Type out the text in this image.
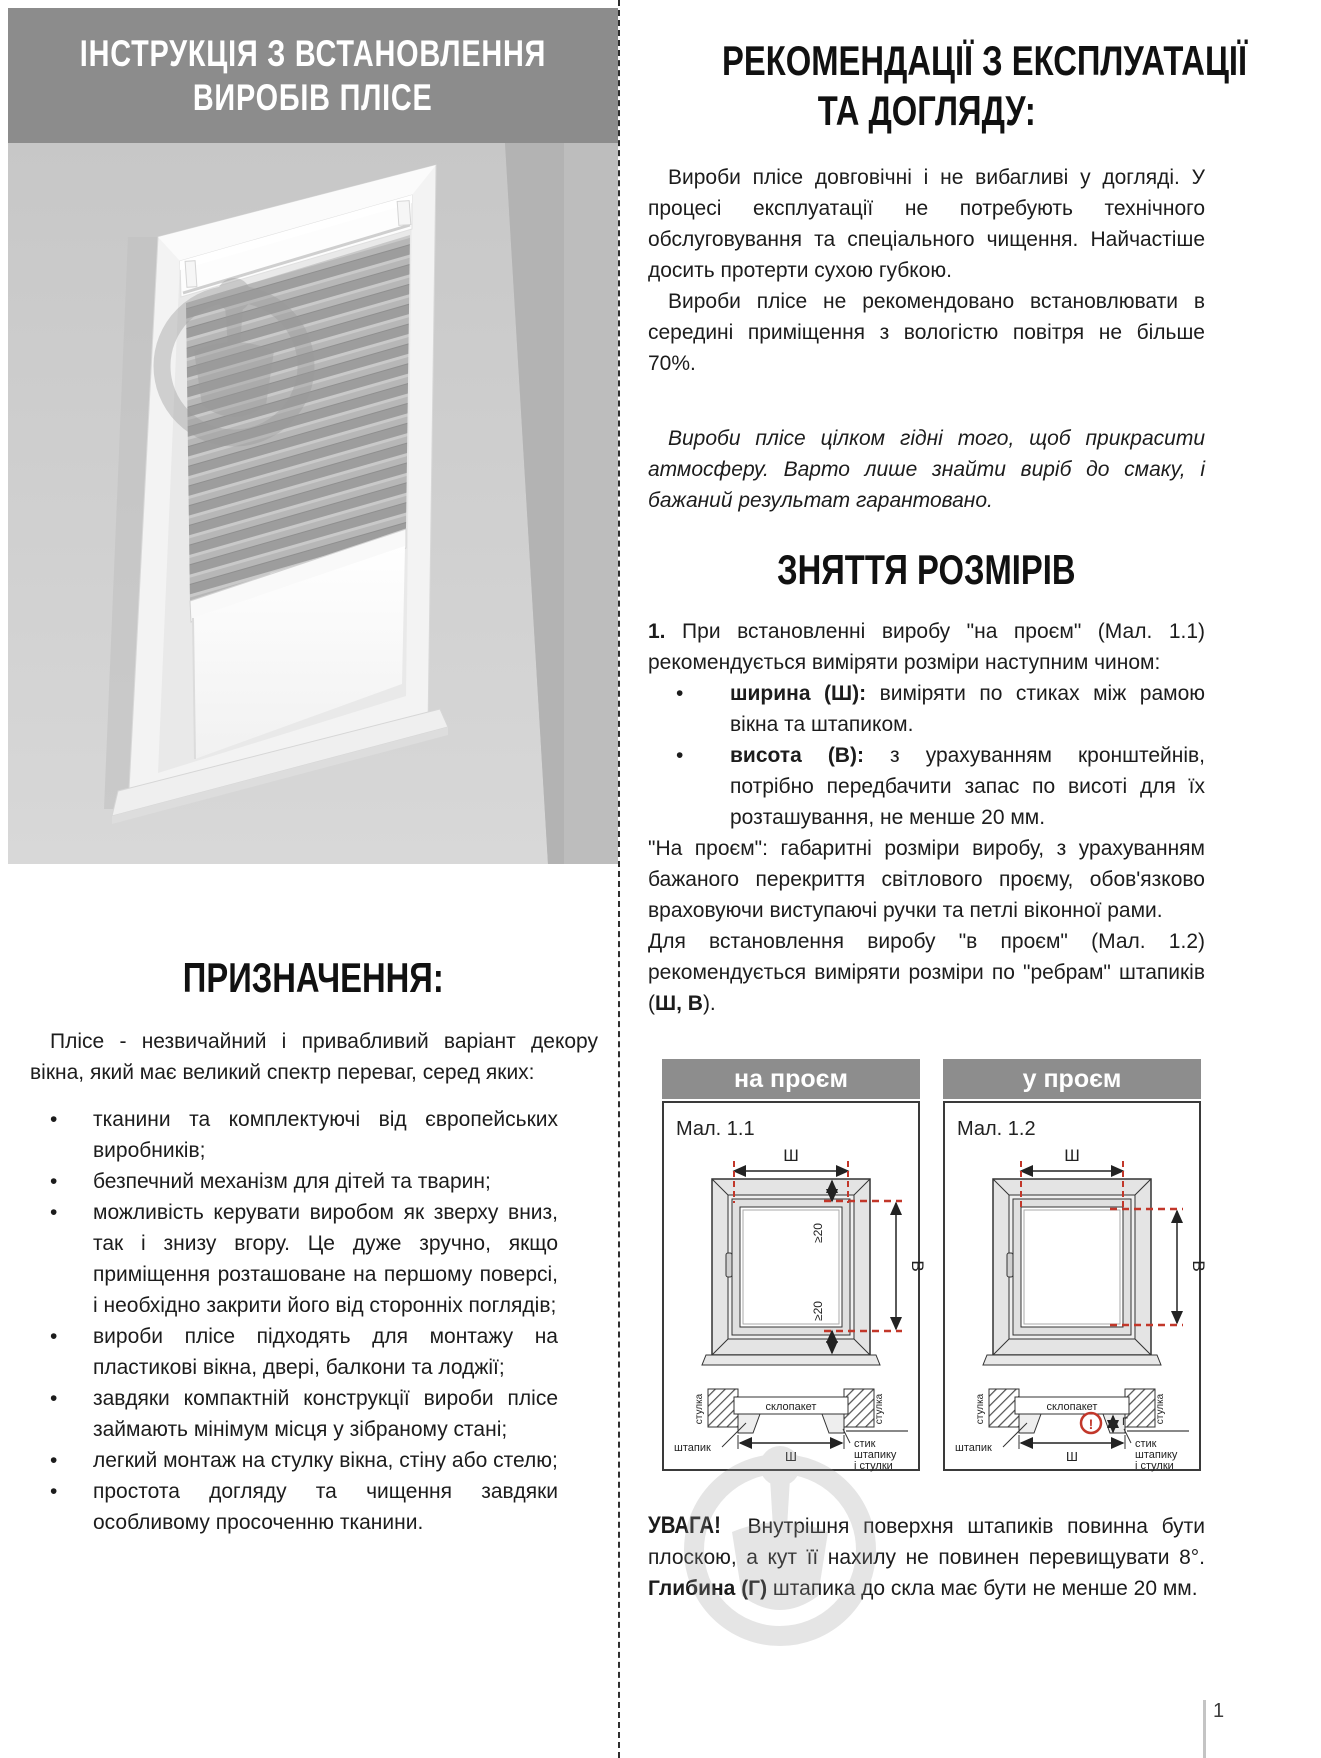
ІНСТРУКЦІЯ З ВСТАНОВЛЕННЯ
ВИРОБІВ ПЛІСЕ
ПРИЗНАЧЕННЯ:

Плісе - незвичайний і привабливий варіант декору вікна, який має великий спектр переваг, серед яких:

• тканини та комплектуючі від європейських виробників;
• безпечний механізм для дітей та тварин;
• можливість керувати виробом як зверху вниз, так і знизу вгору. Це дуже зручно, якщо приміщення розташоване на першому поверсі, і необхідно закрити його від сторонніх поглядів;
• вироби плісе підходять для монтажу на пластикові вікна, двері, балкони та лоджії;
• завдяки компактній конструкції вироби плісе займають мінімум місця у зібраному стані;
• легкий монтаж на стулку вікна, стіну або стелю;
• простота догляду та чищення завдяки особливому просоченню тканини.
РЕКОМЕНДАЦІЇ З ЕКСПЛУАТАЦІЇ
ТА ДОГЛЯДУ:

Вироби плісе довговічні і не вибагливі у догляді. У процесі експлуатації не потребують технічного обслуговування та спеціального чищення. Найчастіше досить протерти сухою губкою.

Вироби плісе не рекомендовано встановлювати в середині приміщення з вологістю повітря не більше 70%.

Вироби плісе цілком гідні того, щоб прикрасити атмосферу. Варто лише знайти виріб до смаку, і бажаний результат гарантовано.

ЗНЯТТЯ РОЗМІРІВ

1. При встановленні виробу "на проєм" (Мал. 1.1) рекомендується виміряти розміри наступним чином:

• ширина (Ш): виміряти по стиках між рамою вікна та штапиком.
• висота (В): з урахуванням кронштейнів, потрібно передбачити запас по висоті для їх розташування, не менше 20 мм.

"На проєм": габаритні розміри виробу, з урахуванням бажаного перекриття світлового проєму, обов'язково враховуючи виступаючі ручки та петлі віконної рами.

Для встановлення виробу "в проєм" (Мал. 1.2) рекомендується виміряти розміри по "ребрам" штапиків (Ш, В).

на проєм
Мал. 1.1
Ш
В
≥20
≥20
склопакет
стулка	стулка
Ш
штапик	стик
штапику
і стулки
у проєм
Мал. 1.2
Ш
В
склопакет
стулка	стулка
!	Г
Ш
штапик	стик
штапику
і стулки

УВАГА! Внутрішня поверхня штапиків повинна бути плоскою, а кут її нахилу не повинен перевищувати 8°. Глибина (Г) штапика до скла має бути не менше 20 мм.

1
